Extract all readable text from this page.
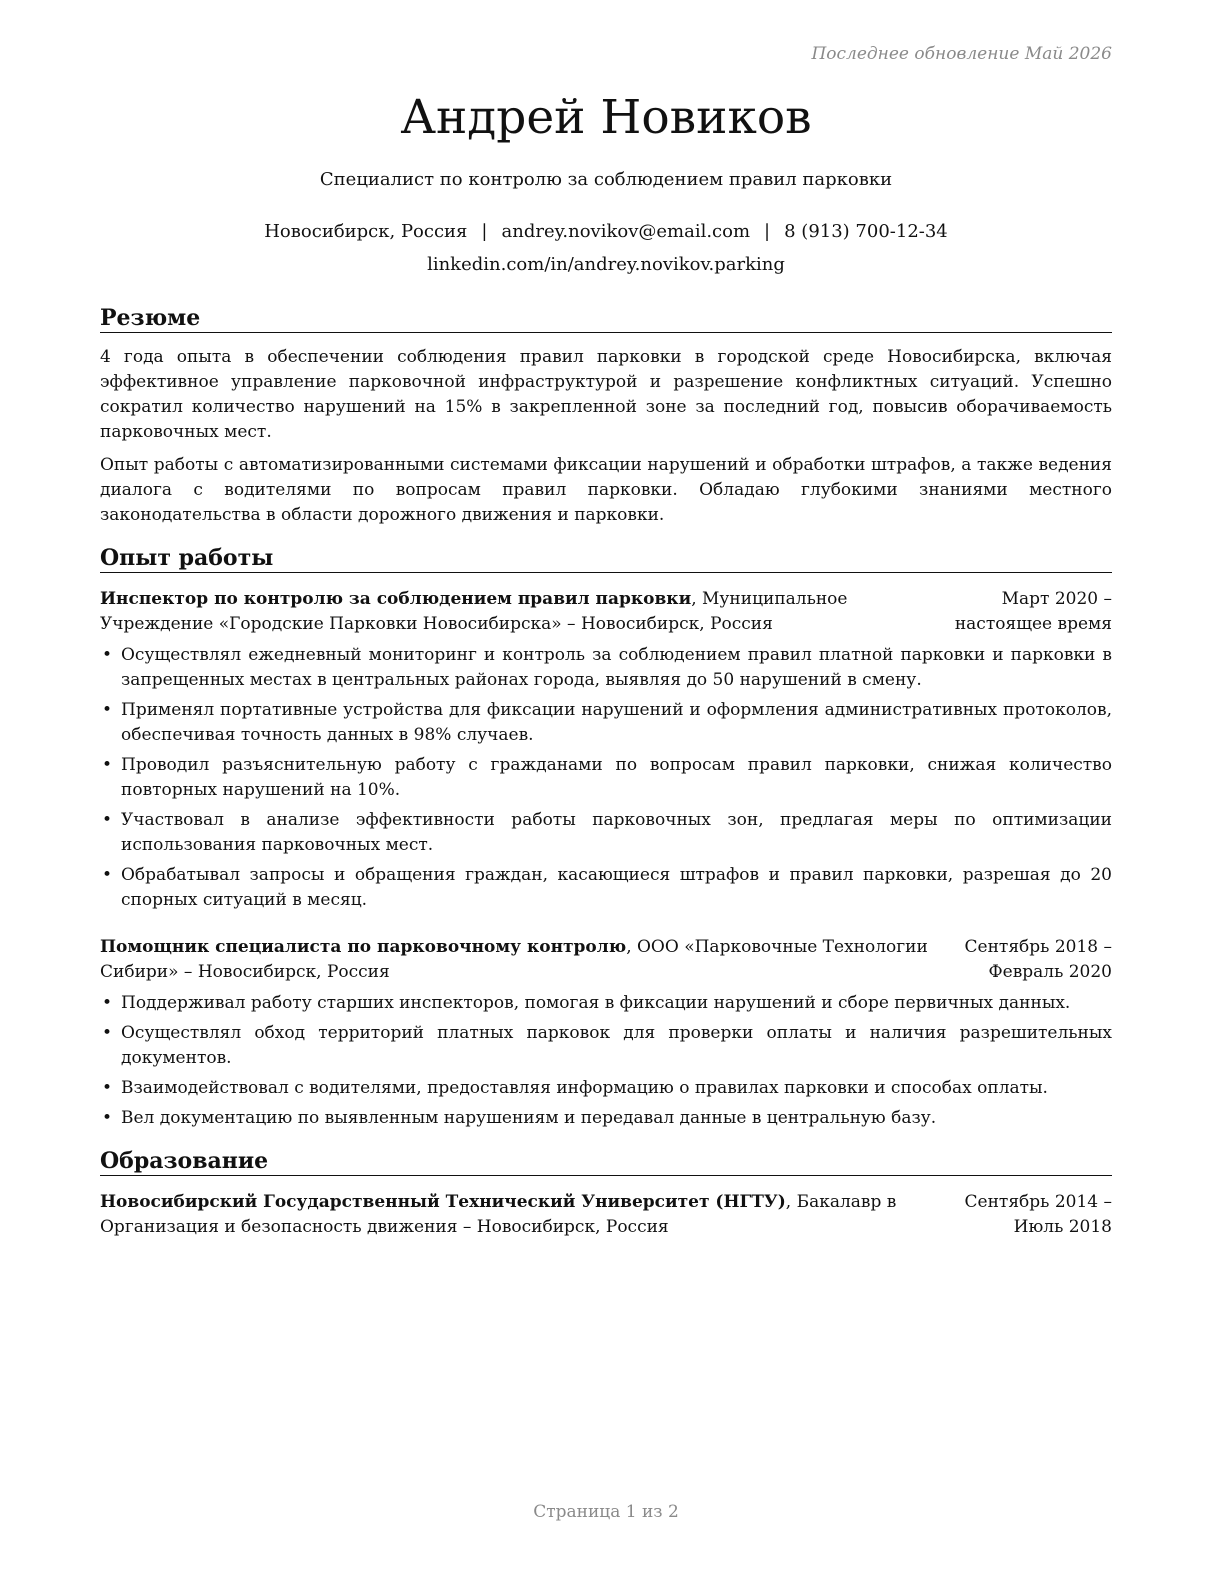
Последнее обновление Май 2026
Андрей Новиков
Специалист по контролю за соблюдением правил парковки
Новосибирск, Россия | andrey.novikov@email.com | 8 (913) 700-12-34
linkedin.com/in/andrey.novikov.parking
Резюме

4 года опыта в обеспечении соблюдения правил парковки в городской среде Новосибирска, включая эффективное управление парковочной инфраструктурой и разрешение конфликтных ситуаций. Успешно сократил количество нарушений на 15% в закрепленной зоне за последний год, повысив оборачиваемость парковочных мест.

Опыт работы с автоматизированными системами фиксации нарушений и обработки штрафов, а также ведения диалога с водителями по вопросам правил парковки. Обладаю глубокими знаниями местного законодательства в области дорожного движения и парковки.

Опыт работы
Инспектор по контролю за соблюдением правил парковки, Муниципальное Учреждение «Городские Парковки Новосибирска» – Новосибирск, Россия
Март 2020 – настоящее время
• Осуществлял ежедневный мониторинг и контроль за соблюдением правил платной парковки и парковки в запрещенных местах в центральных районах города, выявляя до 50 нарушений в смену.
• Применял портативные устройства для фиксации нарушений и оформления административных протоколов, обеспечивая точность данных в 98% случаев.
• Проводил разъяснительную работу с гражданами по вопросам правил парковки, снижая количество повторных нарушений на 10%.
• Участвовал в анализе эффективности работы парковочных зон, предлагая меры по оптимизации использования парковочных мест.
• Обрабатывал запросы и обращения граждан, касающиеся штрафов и правил парковки, разрешая до 20 спорных ситуаций в месяц.
Помощник специалиста по парковочному контролю, ООО «Парковочные Технологии Сибири» – Новосибирск, Россия
Сентябрь 2018 – Февраль 2020
• Поддерживал работу старших инспекторов, помогая в фиксации нарушений и сборе первичных данных.
• Осуществлял обход территорий платных парковок для проверки оплаты и наличия разрешительных документов.
• Взаимодействовал с водителями, предоставляя информацию о правилах парковки и способах оплаты.
• Вел документацию по выявленным нарушениям и передавал данные в центральную базу.
Образование
Новосибирский Государственный Технический Университет (НГТУ), Бакалавр в Организация и безопасность движения – Новосибирск, Россия
Сентябрь 2014 – Июль 2018
Страница 1 из 2
